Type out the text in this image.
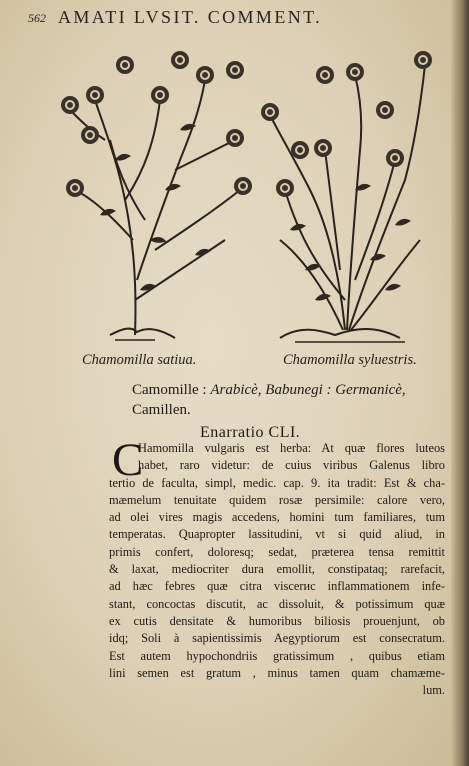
562 AMATI LVSIT. COMMENT.
Chamomilla satiua.	Chamomilla syluestris.
Camomille : Arabicè, Babunegi : Germanicè,
Camillen.
Enarratio CLI.
C
Hamomilla vulgaris est herba: At quæ flores luteos
habet, raro videtur: de cuius viribus Galenus libro
tertio de faculta, simpl, medic. cap. 9. ita tradit: Est & cha-
mæmelum tenuitate quidem rosæ persimile: calore vero,
ad olei vires magis accedens, homini tum familiares, tum
temperatas. Quapropter lassitudini, vt si quid aliud, in
primis confert, doloresq; sedat, præterea tensa remittit
& laxat, mediocriter dura emollit, constipataq; rarefacit,
ad hæc febres quæ citra viscerис inflammationem infe-
stant, concoctas discutit, ac dissoluit, & potissimum quæ
ex cutis densitate & humoribus biliosis prouenjunt, ob
idq; Soli à sapientissimis Aegyptiorum est consecratum.
Est autem hypochondriis gratissimum , quibus etiam
lini semen est gratum , minus tamen quam chamæme-
lum.
